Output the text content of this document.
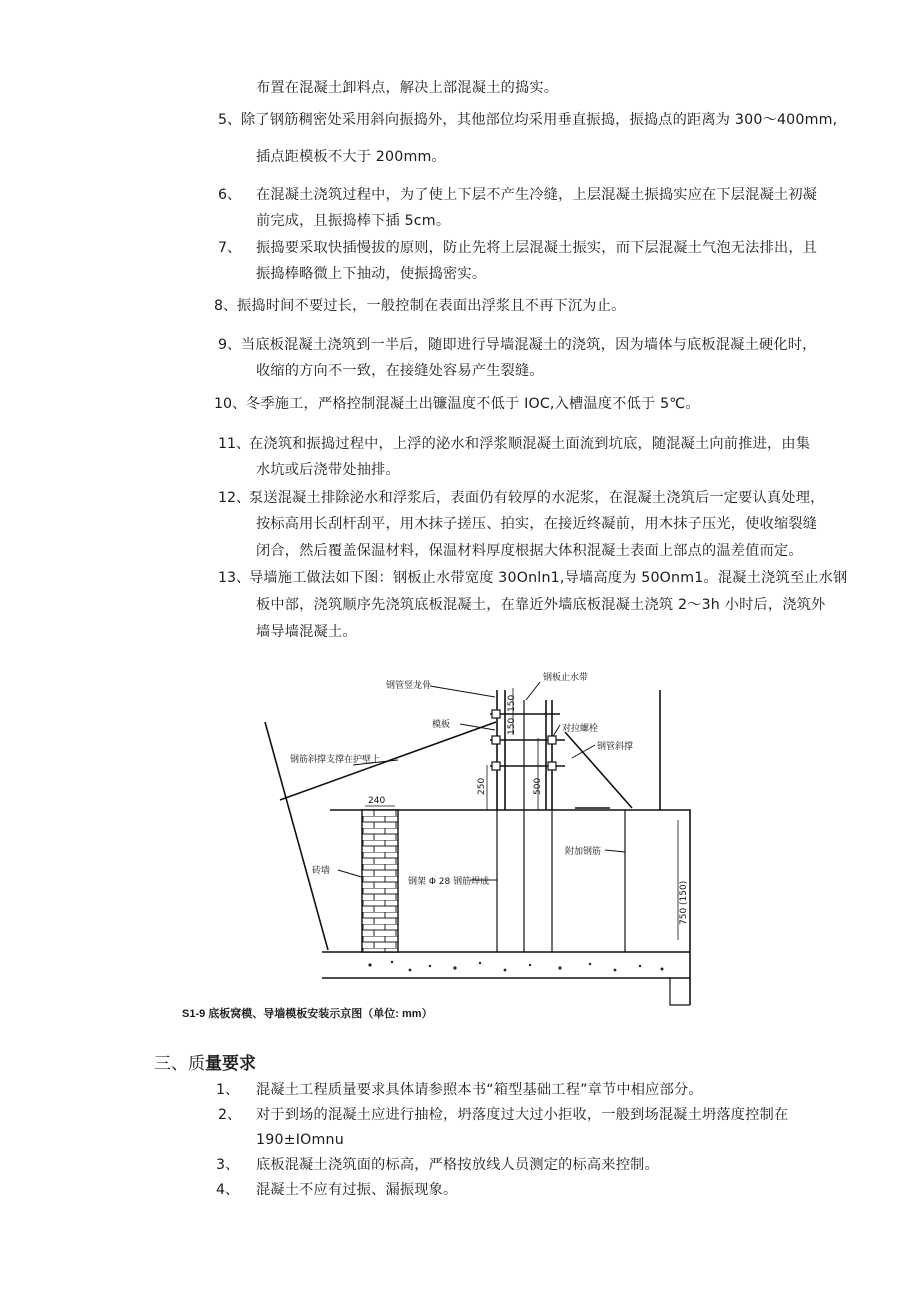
布置在混凝土卸料点，解决上部混凝土的捣实。
5、 除了钢筋稠密处采用斜向振捣外，其他部位均采用垂直振捣，振捣点的距离为 300～400mm,
插点距模板不大于 200mm。
6、 在混凝土浇筑过程中，为了使上下层不产生冷缝，上层混凝土振捣实应在下层混凝土初凝
前完成，且振捣棒下插 5cm。
7、 振捣要采取快插慢拔的原则，防止先将上层混凝土振实，而下层混凝土气泡无法排出，且
振捣棒略微上下抽动，使振捣密实。
8、 振捣时间不要过长，一般控制在表面出浮浆且不再下沉为止。
9、 当底板混凝土浇筑到一半后，随即进行导墙混凝土的浇筑，因为墙体与底板混凝土硬化时，
收缩的方向不一致，在接缝处容易产生裂缝。
10、 冬季施工，严格控制混凝土出镰温度不低于 IOC,入槽温度不低于 5℃。
11、
在浇筑和振捣过程中，上浮的泌水和浮浆顺混凝土面流到坑底，随混凝土向前推进，由集
水坑或后浇带处抽排。
12、
泵送混凝土排除泌水和浮浆后，表面仍有较厚的水泥浆，在混凝土浇筑后一定要认真处理，
按标高用长刮杆刮平，用木抹子搓压、拍实，在接近终凝前，用木抹子压光，使收缩裂缝
闭合，然后覆盖保温材料，保温材料厚度根据大体积混凝土表面上部点的温差值而定。
13、
导墙施工做法如下图：钢板止水带宽度 30Onln1,导墙高度为 50Onm1。混凝土浇筑至止水钢
板中部，浇筑顺序先浇筑底板混凝土，在靠近外墙底板混凝土浇筑 2～3h 小时后，浇筑外
墙导墙混凝土。
钢管竖龙骨
钢板止水带
模板	对拉螺栓
钢管斜撑
钢筋斜撑支撑在护壁上
砖墙
钢架 Φ 28 钢筋焊成
附加钢筋
240
150
150
250	500
750 (150)
S1-9 底板窝模、导墙模板安装示京图（单位: mm）
三、质量要求
1、 混凝土工程质量要求具体请参照本书“箱型基础工程”章节中相应部分。
2、 对于到场的混凝土应进行抽检，坍落度过大过小拒收，一般到场混凝土坍落度控制在
190±IOmnu
3、 底板混凝土浇筑面的标高，严格按放线人员测定的标高来控制。
4、 混凝土不应有过振、漏振现象。
